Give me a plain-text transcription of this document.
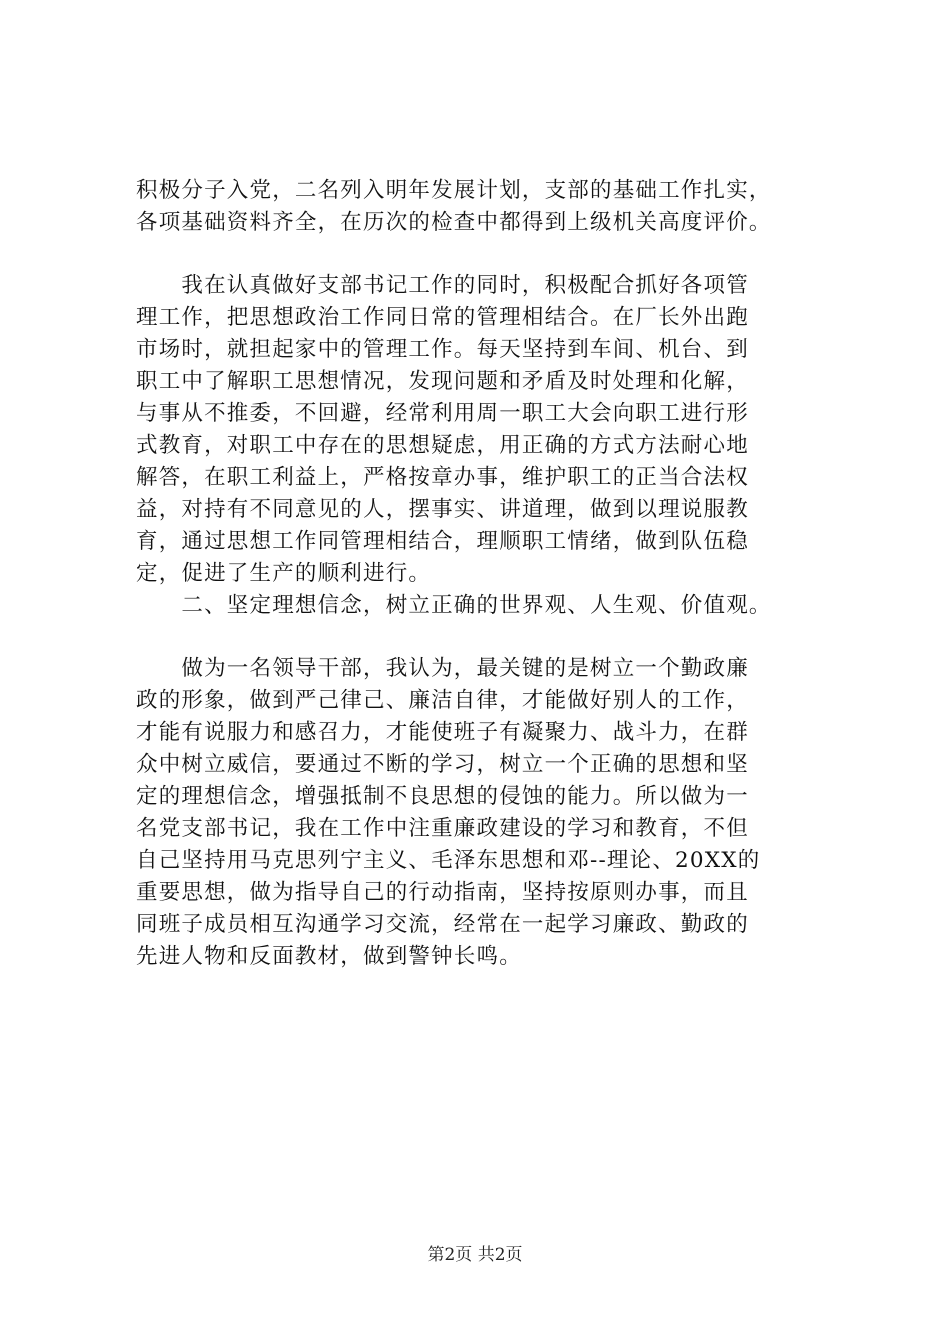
积极分子入党，二名列入明年发展计划，支部的基础工作扎实，
各项基础资料齐全，在历次的检查中都得到上级机关高度评价。
　　我在认真做好支部书记工作的同时，积极配合抓好各项管
理工作，把思想政治工作同日常的管理相结合。在厂长外出跑
市场时，就担起家中的管理工作。每天坚持到车间、机台、到
职工中了解职工思想情况，发现问题和矛盾及时处理和化解，
与事从不推委，不回避，经常利用周一职工大会向职工进行形
式教育，对职工中存在的思想疑虑，用正确的方式方法耐心地
解答，在职工利益上，严格按章办事，维护职工的正当合法权
益，对持有不同意见的人，摆事实、讲道理，做到以理说服教
育，通过思想工作同管理相结合，理顺职工情绪，做到队伍稳
定，促进了生产的顺利进行。
　　二、坚定理想信念，树立正确的世界观、人生观、价值观。
　　做为一名领导干部，我认为，最关键的是树立一个勤政廉
政的形象，做到严己律己、廉洁自律，才能做好别人的工作，
才能有说服力和感召力，才能使班子有凝聚力、战斗力，在群
众中树立威信，要通过不断的学习，树立一个正确的思想和坚
定的理想信念，增强抵制不良思想的侵蚀的能力。所以做为一
名党支部书记，我在工作中注重廉政建设的学习和教育，不但
自己坚持用马克思列宁主义、毛泽东思想和邓--理论、20XX的
重要思想，做为指导自己的行动指南，坚持按原则办事，而且
同班子成员相互沟通学习交流，经常在一起学习廉政、勤政的
先进人物和反面教材，做到警钟长鸣。
第2页 共2页
